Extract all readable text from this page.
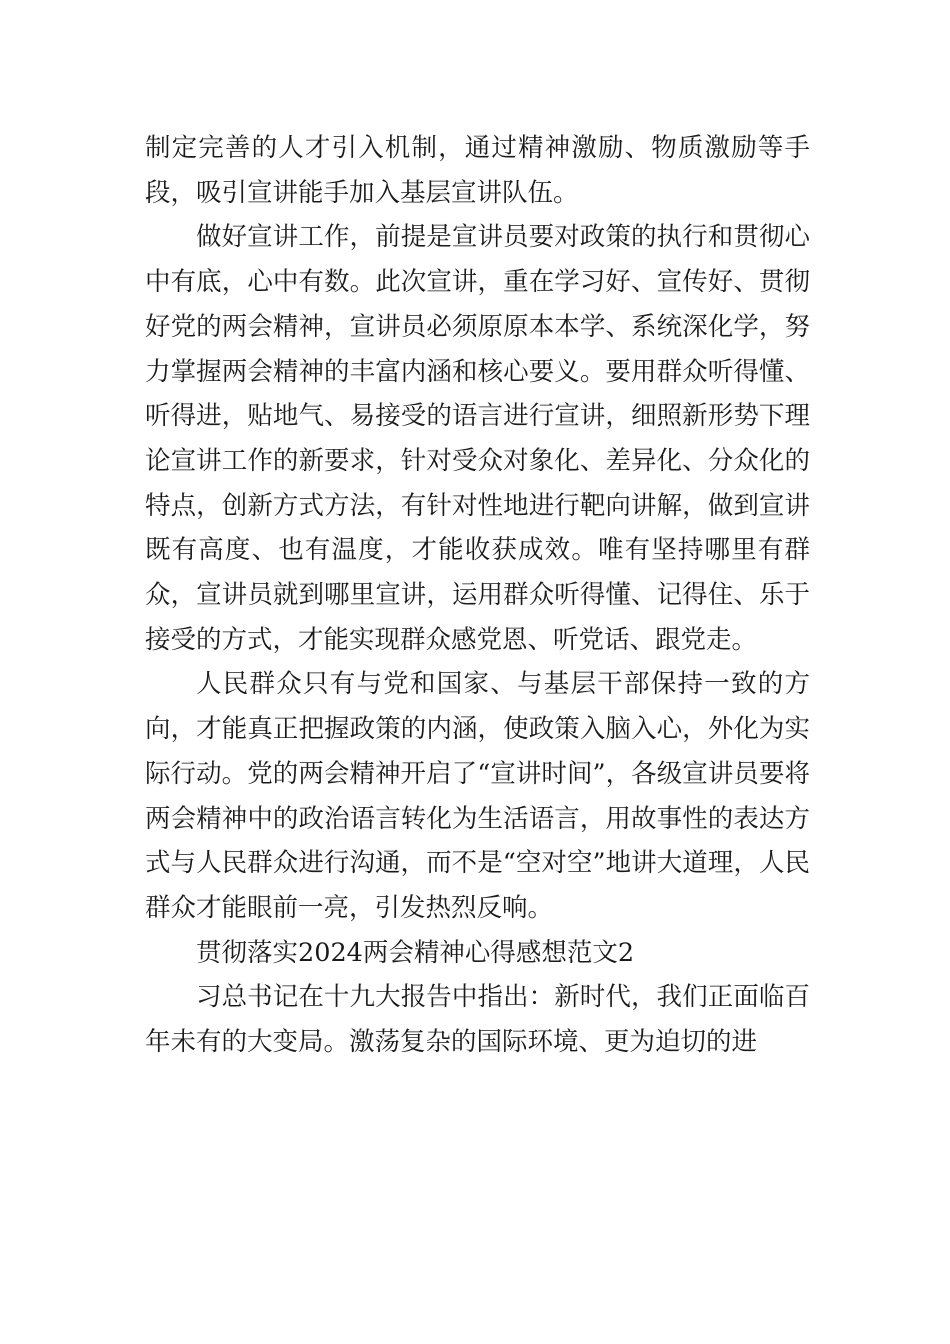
制定完善的人才引入机制，通过精神激励、物质激励等手段，吸引宣讲能手加入基层宣讲队伍。

做好宣讲工作，前提是宣讲员要对政策的执行和贯彻心中有底，心中有数。此次宣讲，重在学习好、宣传好、贯彻好党的两会精神，宣讲员必须原原本本学、系统深化学，努力掌握两会精神的丰富内涵和核心要义。要用群众听得懂、听得进，贴地气、易接受的语言进行宣讲，细照新形势下理论宣讲工作的新要求，针对受众对象化、差异化、分众化的特点，创新方式方法，有针对性地进行靶向讲解，做到宣讲既有高度、也有温度，才能收获成效。唯有坚持哪里有群众，宣讲员就到哪里宣讲，运用群众听得懂、记得住、乐于接受的方式，才能实现群众感党恩、听党话、跟党走。

人民群众只有与党和国家、与基层干部保持一致的方向，才能真正把握政策的内涵，使政策入脑入心，外化为实际行动。党的两会精神开启了“宣讲时间”，各级宣讲员要将两会精神中的政治语言转化为生活语言，用故事性的表达方式与人民群众进行沟通，而不是“空对空”地讲大道理，人民群众才能眼前一亮，引发热烈反响。

贯彻落实2024两会精神心得感想范文2

习总书记在十九大报告中指出：新时代，我们正面临百年未有的大变局。激荡复杂的国际环境、更为迫切的进
